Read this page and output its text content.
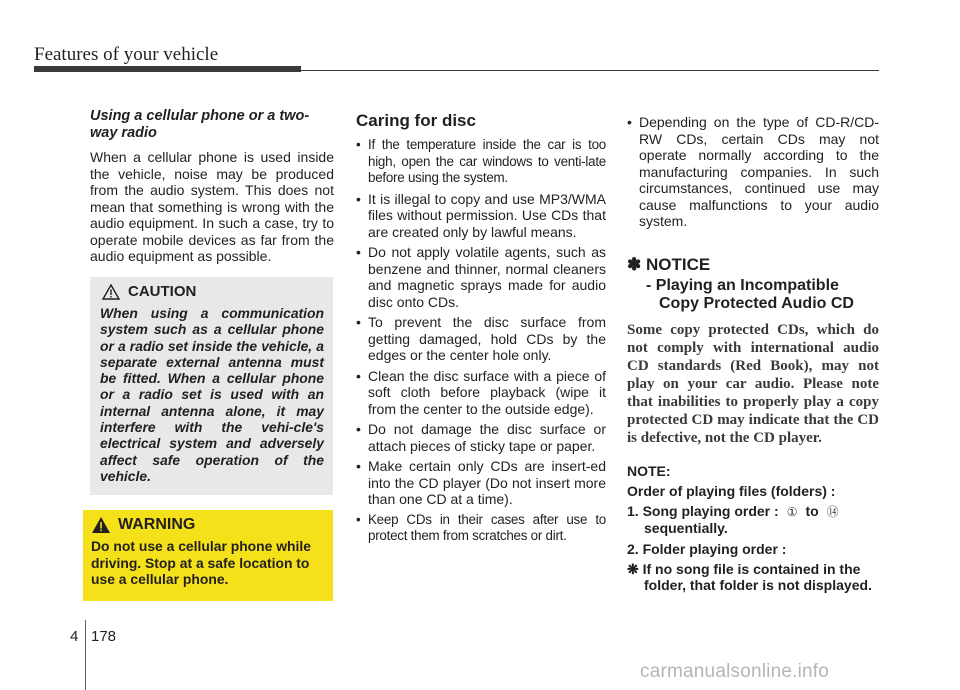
Features of your vehicle

Using a cellular phone or a two-way radio

When a cellular phone is used inside the vehicle, noise may be produced from the audio system. This does not mean that something is wrong with the audio equipment. In such a case, try to operate mobile devices as far from the audio equipment as possible.

CAUTION

When using a communication system such as a cellular phone or a radio set inside the vehicle, a separate external antenna must be fitted. When a cellular phone or a radio set is used with an internal antenna alone, it may interfere with the vehi-cle's electrical system and adversely affect safe operation of the vehicle.

WARNING

Do not use a cellular phone while driving. Stop at a safe location to use a cellular phone.

Caring for disc
• If the temperature inside the car is too high, open the car windows to venti-late before using the system.
• It is illegal to copy and use MP3/WMA files without permission. Use CDs that are created only by lawful means.
• Do not apply volatile agents, such as benzene and thinner, normal cleaners and magnetic sprays made for audio disc onto CDs.
• To prevent the disc surface from getting damaged, hold CDs by the edges or the center hole only.
• Clean the disc surface with a piece of soft cloth before playback (wipe it from the center to the outside edge).
• Do not damage the disc surface or attach pieces of sticky tape or paper.
• Make certain only CDs are insert-ed into the CD player (Do not insert more than one CD at a time).
• Keep CDs in their cases after use to protect them from scratches or dirt.
• Depending on the type of CD-R/CD-RW CDs, certain CDs may not operate normally according to the manufacturing companies. In such circumstances, continued use may cause malfunctions to your audio system.
✽ NOTICE
- Playing an Incompatible Copy Protected Audio CD

Some copy protected CDs, which do not comply with international audio CD standards (Red Book), may not play on your car audio. Please note that inabilities to properly play a copy protected CD may indicate that the CD is defective, not the CD player.

NOTE:

Order of playing files (folders) :

1. Song playing order : ① to ⑭
sequentially.

2. Folder playing order :

❋ If no song file is contained in the folder, that folder is not displayed.

4 178
carmanualsonline.info
